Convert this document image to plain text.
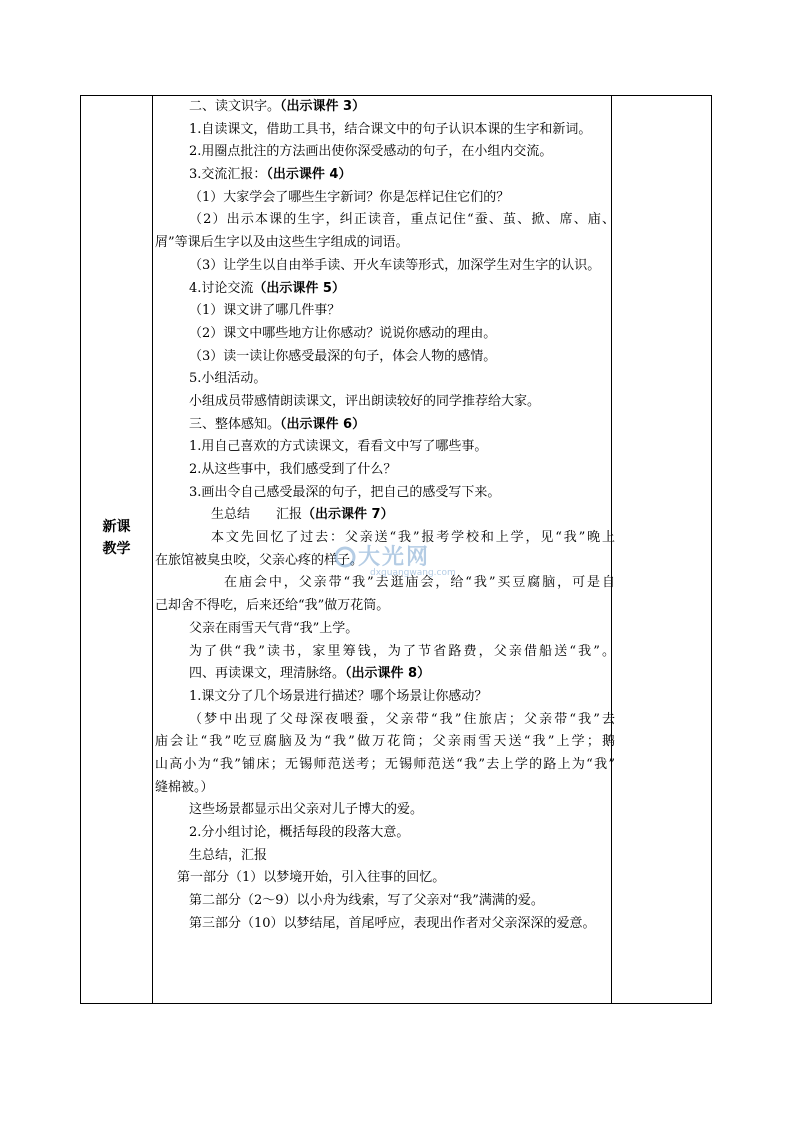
新课
教学
二、读文识字。（出示课件 3）
1.自读课文，借助工具书，结合课文中的句子认识本课的生字和新词。
2.用圈点批注的方法画出使你深受感动的句子，在小组内交流。
3.交流汇报：（出示课件 4）
（1）大家学会了哪些生字新词？你是怎样记住它们的？
（2）出示本课的生字，纠正读音，重点记住“蚕、茧、掀、席、庙、
屑”等课后生字以及由这些生字组成的词语。
（3）让学生以自由举手读、开火车读等形式，加深学生对生字的认识。
4.讨论交流（出示课件 5）
（1）课文讲了哪几件事？
（2）课文中哪些地方让你感动？说说你感动的理由。
（3）读一读让你感受最深的句子，体会人物的感情。
5.小组活动。
小组成员带感情朗读课文，评出朗读较好的同学推荐给大家。
三、整体感知。（出示课件 6）
1.用自己喜欢的方式读课文，看看文中写了哪些事。
2.从这些事中，我们感受到了什么？
3.画出令自己感受最深的句子，把自己的感受写下来。
生总结　　汇报（出示课件 7）
本文先回忆了过去：父亲送“我”报考学校和上学，见“我”晚上
在旅馆被臭虫咬，父亲心疼的样子。
在庙会中，父亲带“我”去逛庙会，给“我”买豆腐脑，可是自
己却舍不得吃，后来还给“我”做万花筒。
父亲在雨雪天气背“我”上学。
为了供“我”读书，家里筹钱，为了节省路费，父亲借船送“我”。
四、再读课文，理清脉络。（出示课件 8）
1.课文分了几个场景进行描述？哪个场景让你感动？
（梦中出现了父母深夜喂蚕，父亲带“我”住旅店；父亲带“我”去
庙会让“我”吃豆腐脑及为“我”做万花筒；父亲雨雪天送“我”上学；鹅
山高小为“我”铺床；无锡师范送考；无锡师范送“我”去上学的路上为“我”
缝棉被。）
这些场景都显示出父亲对儿子博大的爱。
2.分小组讨论，概括每段的段落大意。
生总结，汇报
第一部分（1）以梦境开始，引入往事的回忆。
第二部分（2～9）以小舟为线索，写了父亲对“我”满满的爱。
第三部分（10）以梦结尾，首尾呼应，表现出作者对父亲深深的爱意。
大光网
dxguangwang.com
